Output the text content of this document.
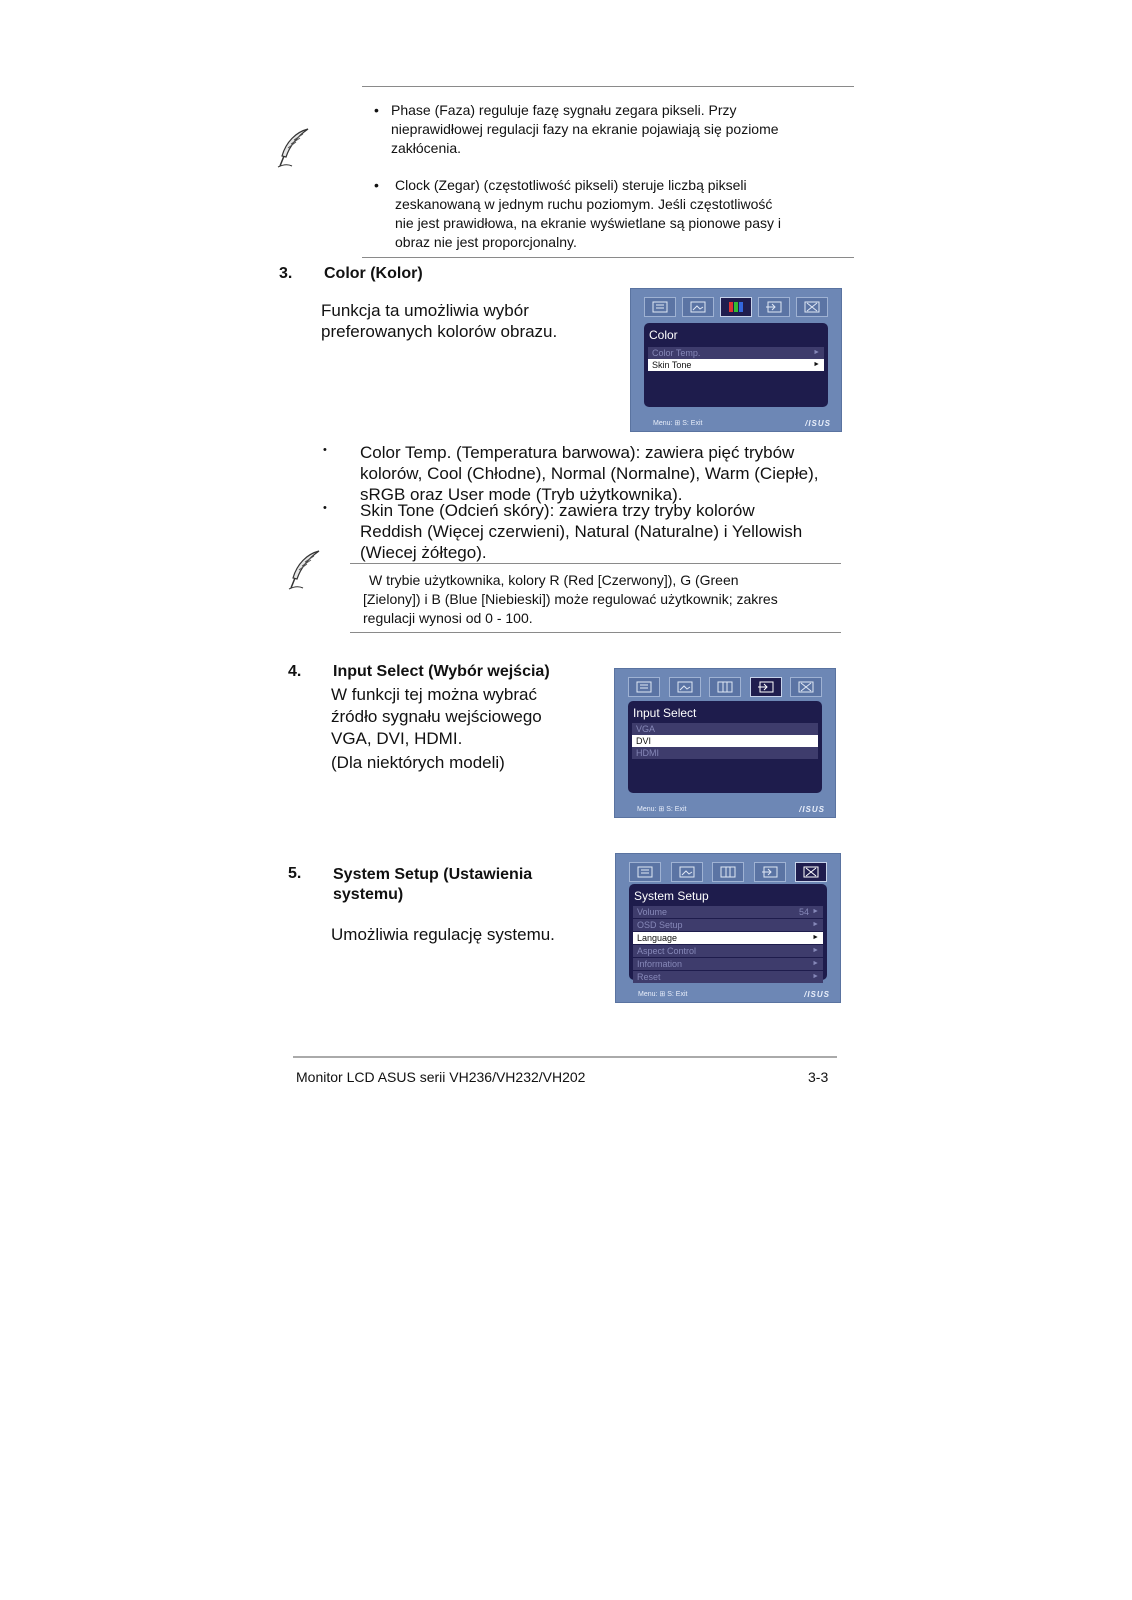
• Phase (Faza) reguluje fazę sygnału zegara pikseli. Przy
nieprawidłowej regulacji fazy na ekranie pojawiają się poziome
zakłócenia.
• Clock (Zegar) (częstotliwość pikseli) steruje liczbą pikseli
zeskanowaną w jednym ruchu poziomym. Jeśli częstotliwość
nie jest prawidłowa, na ekranie wyświetlane są pionowe pasy i
obraz nie jest proporcjonalny.
3. Color (Kolor)
Funkcja ta umożliwia wybór
preferowanych kolorów obrazu.	Color
Color Temp.	►
Skin Tone	►
Menu: ⊞ S: Exit	/ISUS
• Color Temp. (Temperatura barwowa): zawiera pięć trybów
kolorów, Cool (Chłodne), Normal (Normalne), Warm (Ciepłe),
sRGB oraz User mode (Tryb użytkownika).
• Skin Tone (Odcień skóry): zawiera trzy tryby kolorów
Reddish (Więcej czerwieni), Natural (Naturalne) i Yellowish
(Wiecej żółtego).
W trybie użytkownika, kolory R (Red [Czerwony]), G (Green
[Zielony]) i B (Blue [Niebieski]) może regulować użytkownik; zakres
regulacji wynosi od 0 - 100.
4. Input Select (Wybór wejścia)
W funkcji tej można wybrać
źródło sygnału wejściowego
VGA, DVI, HDMI.
(Dla niektórych modeli)
Input Select
VGA
DVI
HDMI
Menu: ⊞ S: Exit	/ISUS
5. System Setup (Ustawienia
systemu)
Umożliwia regulację systemu.
System Setup
Volume	54 ►
OSD Setup	►
Language	►
Aspect Control	►
Information	►
Reset	►
Menu: ⊞ S: Exit	/ISUS
Monitor LCD ASUS serii VH236/VH232/VH202	3-3
